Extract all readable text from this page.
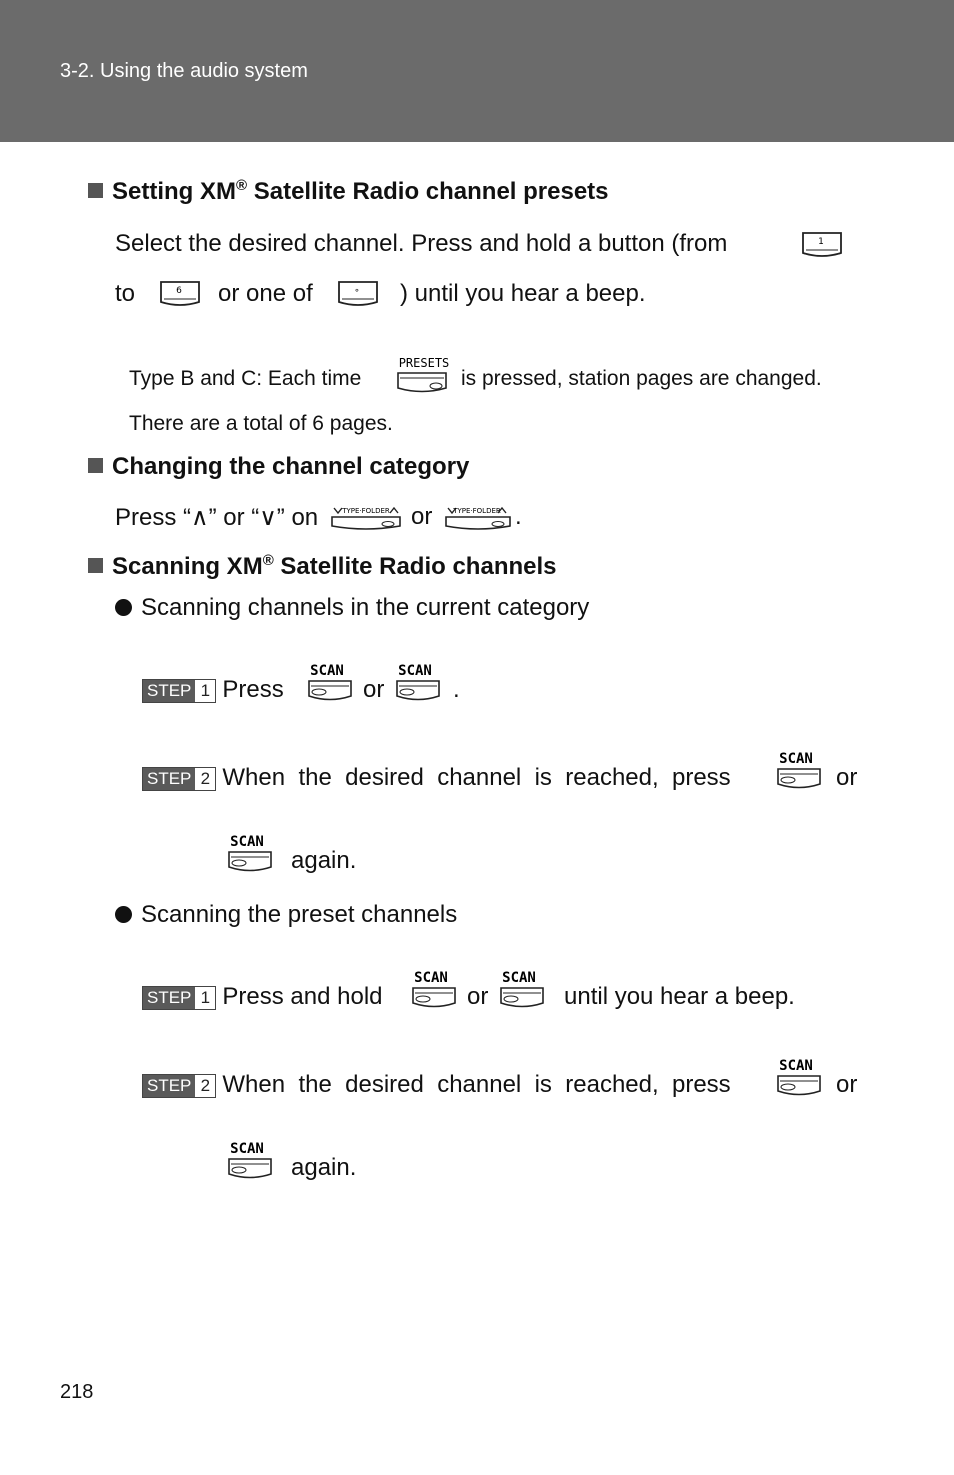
3-2. Using the audio system
Setting XM® Satellite Radio channel presets
Select the desired channel. Press and hold a button (from	1
to	6 or one of	∘ ) until you hear a beep.
Type B and C: Each time
PRESETS
is pressed, station pages are changed.
There are a total of 6 pages.
Changing the channel category
Press “∧” or “∨” on	TYPE·FOLDER or	TYPE·FOLDER .
Scanning XM® Satellite Radio channels
Scanning channels in the current category
STEP 1 Press
SCAN
or
SCAN
.
STEP 2 When  the  desired  channel  is  reached,  press
SCAN
or
SCAN
again.
Scanning the preset channels
STEP 1 Press and hold
SCAN
or
SCAN
until you hear a beep.
STEP 2 When  the  desired  channel  is  reached,  press
SCAN
or
SCAN
again.
218
